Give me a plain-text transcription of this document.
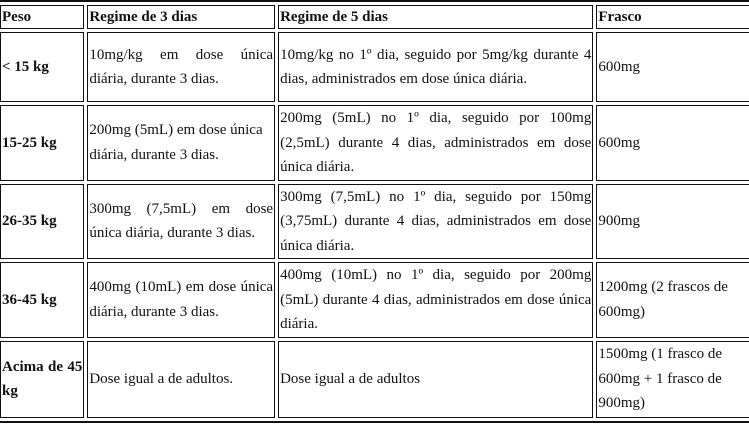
Peso	Regime de 3 dias	Regime de 5 dias	Frasco
< 15 kg	10mg/kg em dose única diária, durante 3 dias.	10mg/kg no 1º dia, seguido por 5mg/kg durante 4 dias, administrados em dose única diária.	600mg
15-25 kg	200mg (5mL) em dose única diária, durante 3 dias.	200mg (5mL) no 1º dia, seguido por 100mg (2,5mL) durante 4 dias, administrados em dose única diária.	600mg
26-35 kg	300mg (7,5mL) em dose única diária, durante 3 dias.	300mg (7,5mL) no 1º dia, seguido por 150mg (3,75mL) durante 4 dias, administrados em dose única diária.	900mg
36-45 kg	400mg (10mL) em dose única diária, durante 3 dias.	400mg (10mL) no 1º dia, seguido por 200mg (5mL) durante 4 dias, administrados em dose única diária.	1200mg (2 frascos de 600mg)
Acima de 45 kg	Dose igual a de adultos.	Dose igual a de adultos	1500mg (1 frasco de 600mg + 1 frasco de 900mg)
